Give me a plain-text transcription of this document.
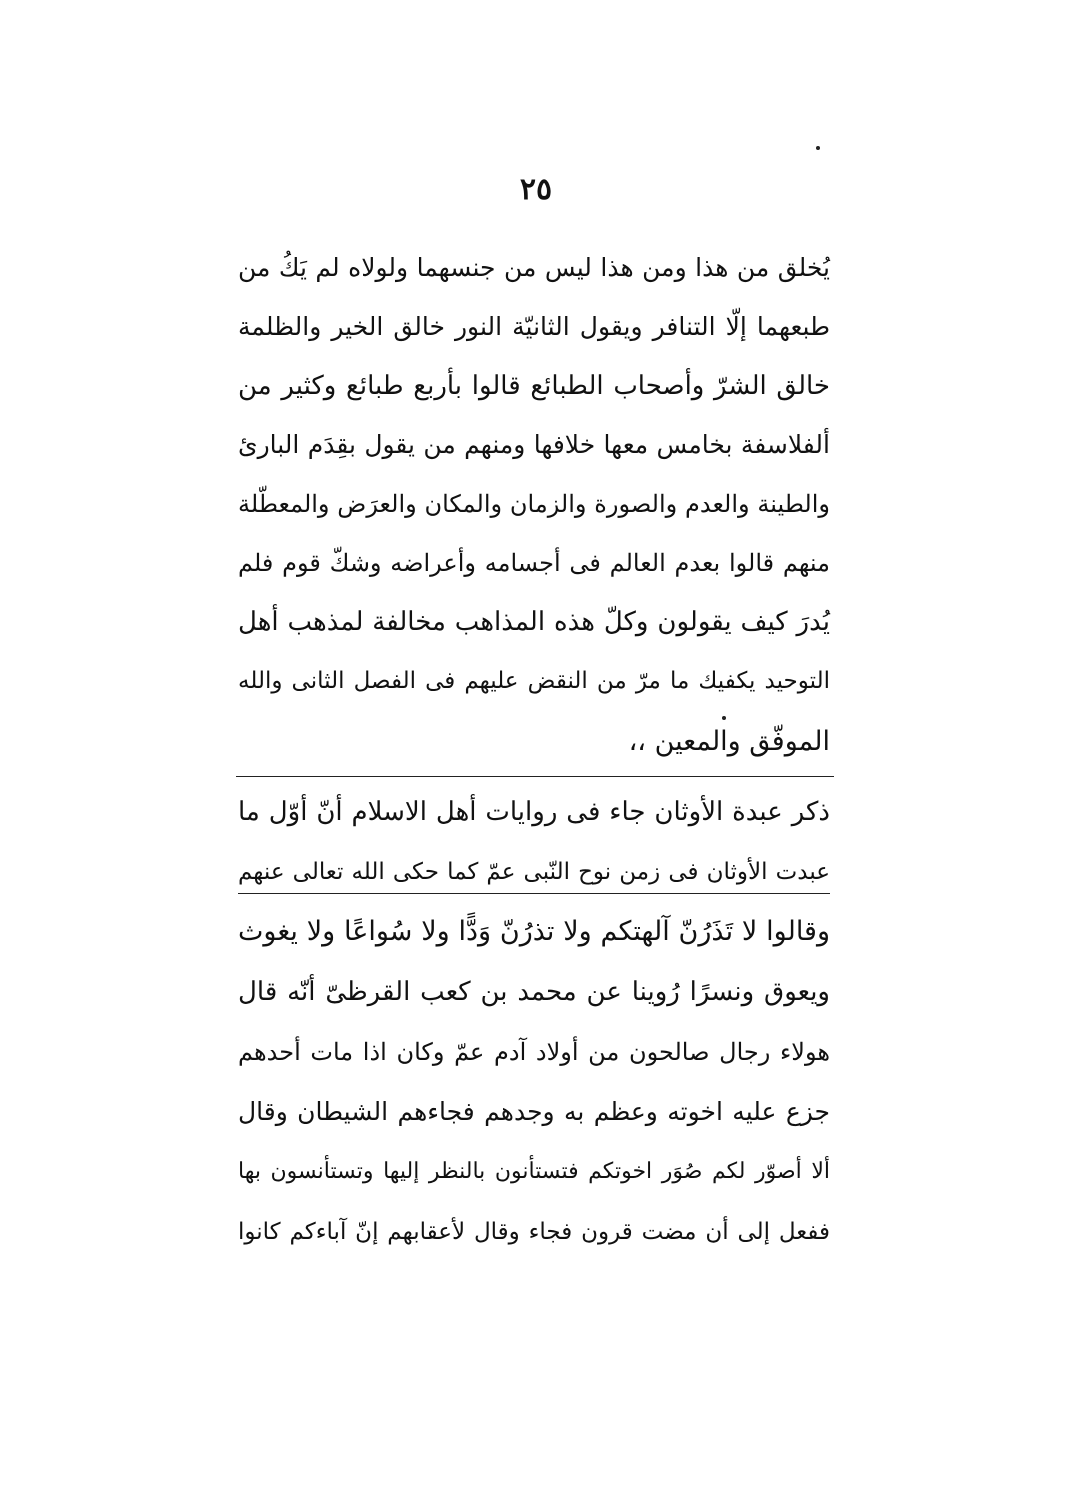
٢٥
يُخلق من هذا ومن هذا ليس من جنسهما ولولاه لم يَكُ من
طبعهما إلّا التنافر ويقول الثانيّة النور خالق الخير والظلمة
خالق الشرّ وأصحاب الطبائع قالوا بأربع طبائع وكثير من
ألفلاسفة بخامس معها خلافها ومنهم من يقول بقِدَم البارئ
والطينة والعدم والصورة والزمان والمكان والعرَض والمعطّلة
منهم قالوا بعدم العالم فى أجسامه وأعراضه وشكّ قوم فلم
يُدرَ كيف يقولون وكلّ هذه المذاهب مخالفة لمذهب أهل
التوحيد يكفيك ما مرّ من النقض عليهم فى الفصل الثانى والله
الموفّق والمعين ،،
ذكر عبدة الأوثان جاء فى روايات أهل الاسلام أنّ أوّل ما
عبدت الأوثان فى زمن نوح النّبى عمّ كما حكى الله تعالى عنهم
وقالوا لا تَذَرُنّ آلهتكم ولا تذرُنّ وَدًّا ولا سُواعًا ولا يغوث
ويعوق ونسرًا رُوينا عن محمد بن كعب القرظىّ أنّه قال
هولاء رجال صالحون من أولاد آدم عمّ وكان اذا مات أحدهم
جزع عليه اخوته وعظم به وجدهم فجاءهم الشيطان وقال
ألا أصوّر لكم صُوَر اخوتكم فتستأنون بالنظر إليها وتستأنسون بها
ففعل إلى أن مضت قرون فجاء وقال لأعقابهم إنّ آباءكم كانوا
